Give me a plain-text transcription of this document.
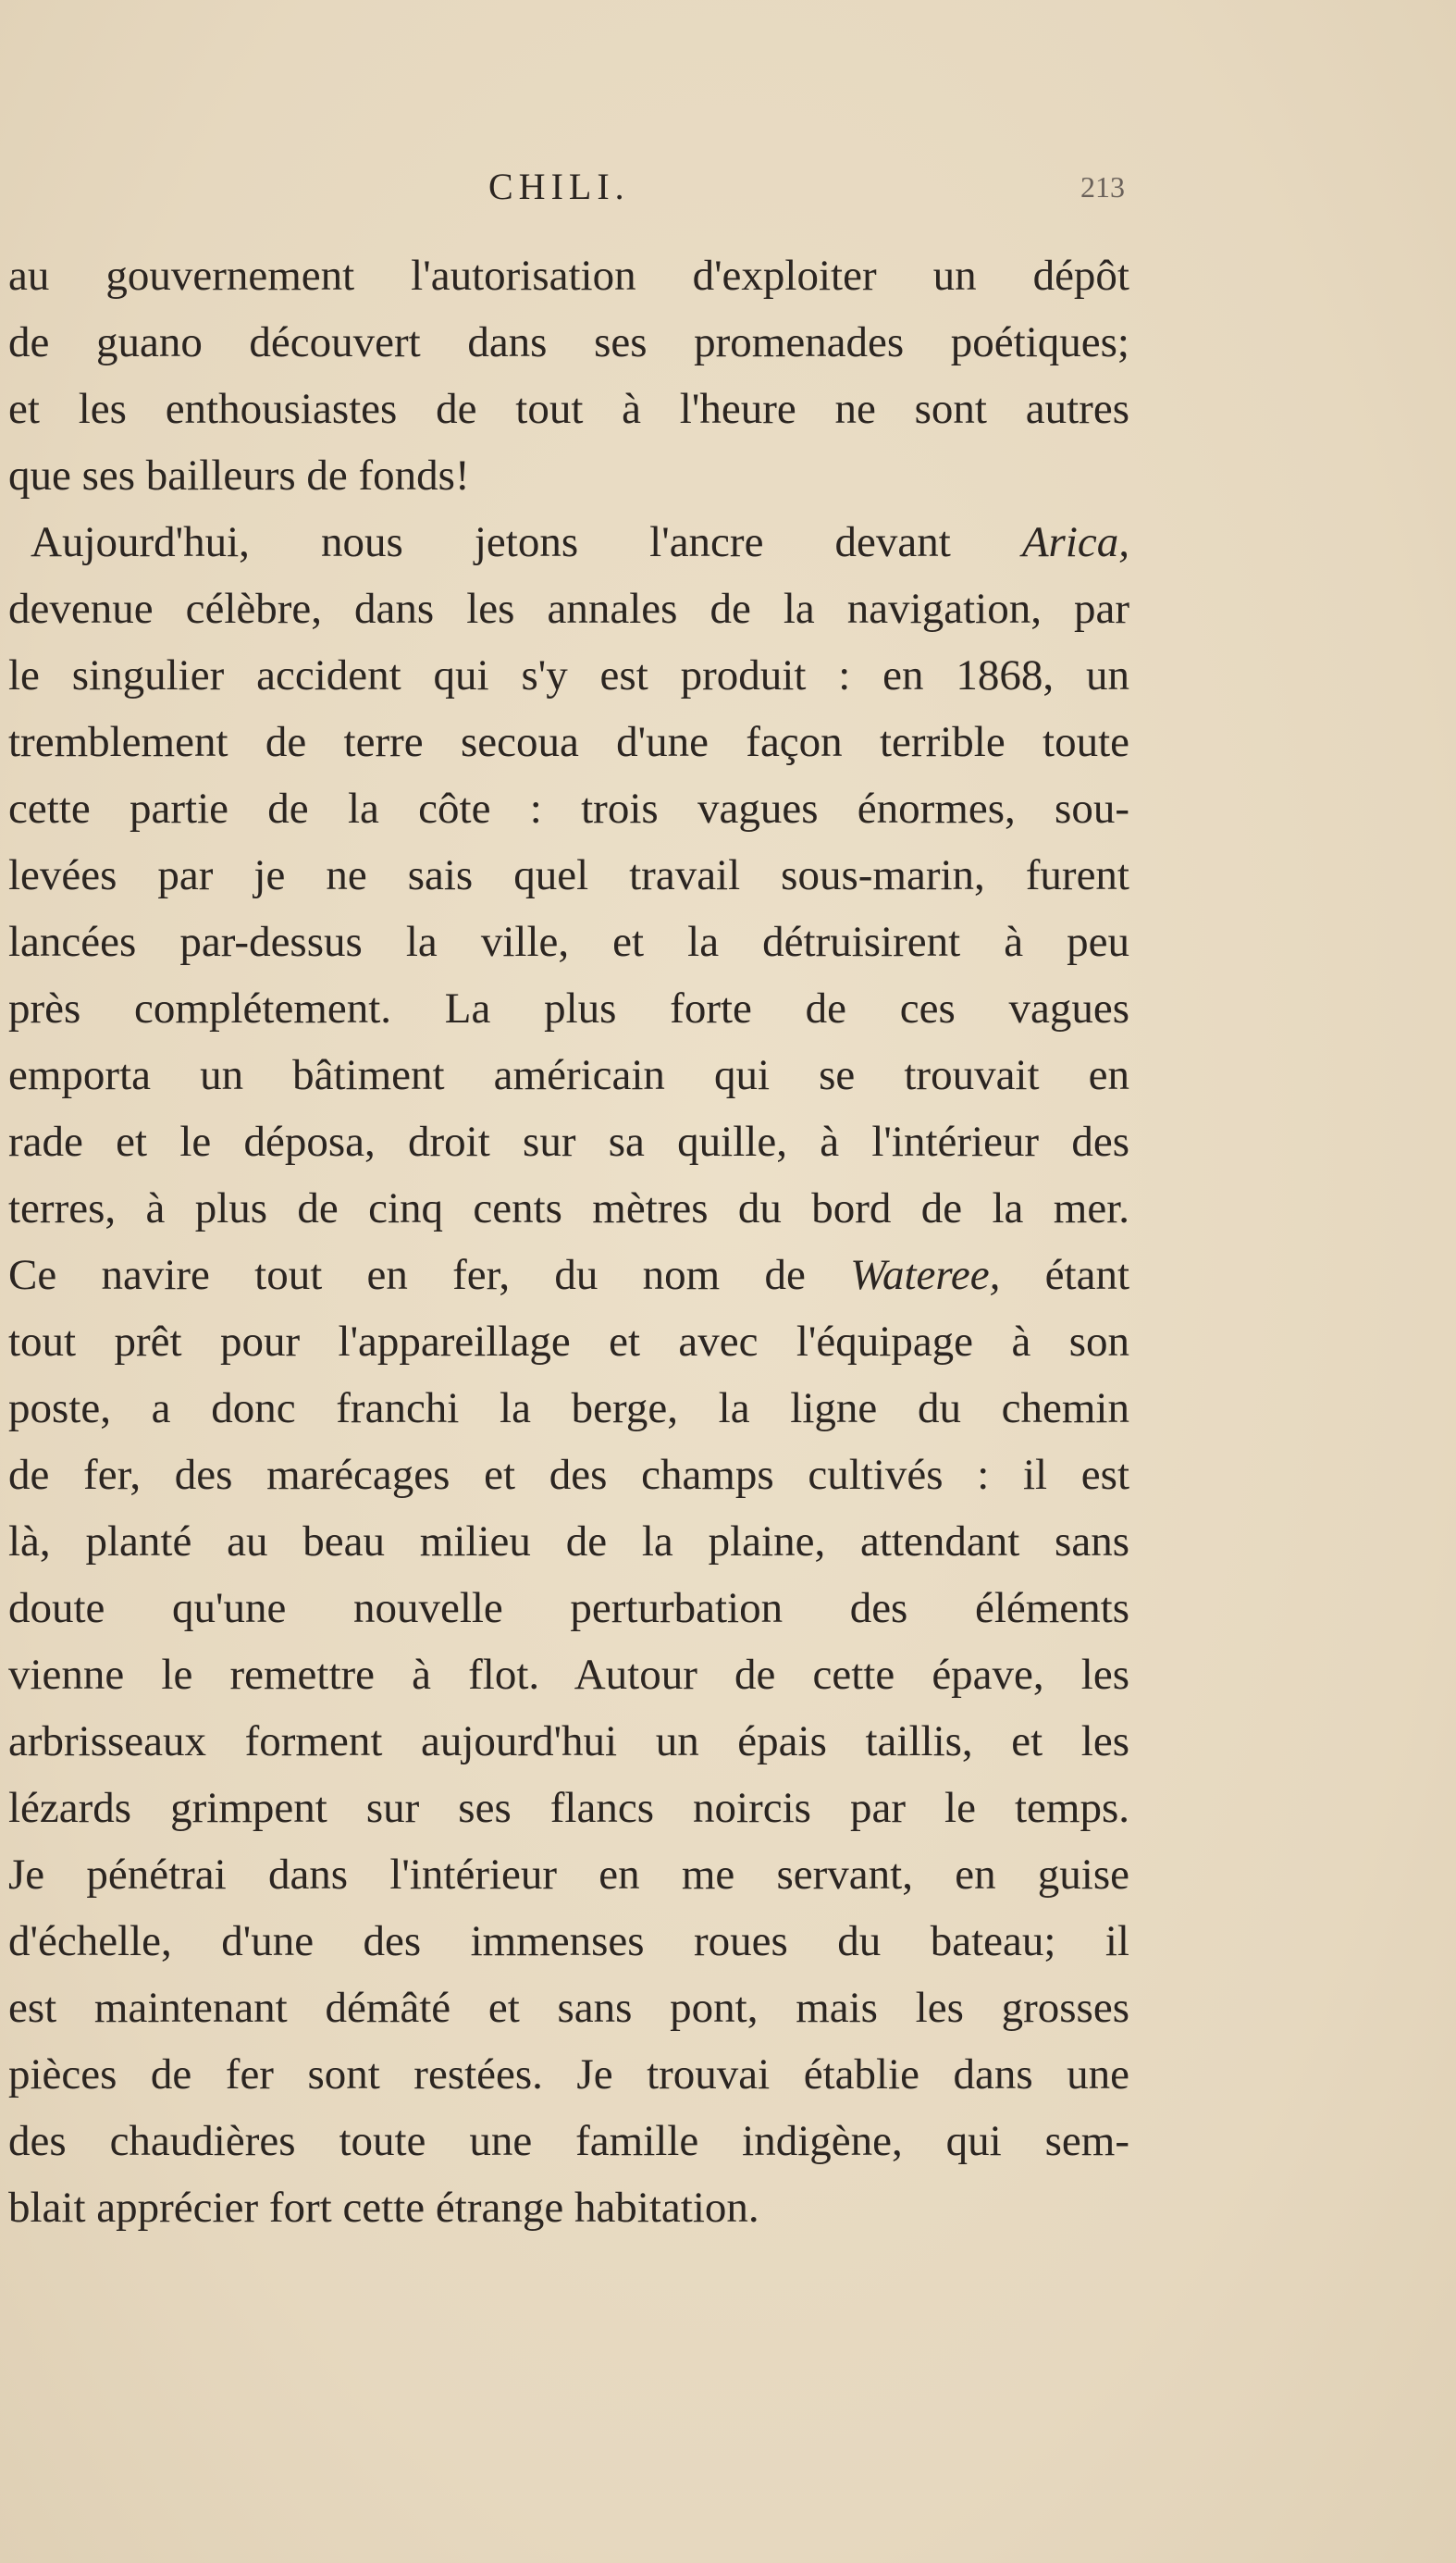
CHILI.	213
au gouvernement l'autorisation d'exploiter un dépôt
de guano découvert dans ses promenades poétiques;
et les enthousiastes de tout à l'heure ne sont autres
que ses bailleurs de fonds!
Aujourd'hui, nous jetons l'ancre devant Arica,
devenue célèbre, dans les annales de la navigation, par
le singulier accident qui s'y est produit : en 1868, un
tremblement de terre secoua d'une façon terrible toute
cette partie de la côte : trois vagues énormes, sou-
levées par je ne sais quel travail sous-marin, furent
lancées par-dessus la ville, et la détruisirent à peu
près complétement. La plus forte de ces vagues
emporta un bâtiment américain qui se trouvait en
rade et le déposa, droit sur sa quille, à l'intérieur des
terres, à plus de cinq cents mètres du bord de la mer.
Ce navire tout en fer, du nom de Wateree, étant
tout prêt pour l'appareillage et avec l'équipage à son
poste, a donc franchi la berge, la ligne du chemin
de fer, des marécages et des champs cultivés : il est
là, planté au beau milieu de la plaine, attendant sans
doute qu'une nouvelle perturbation des éléments
vienne le remettre à flot. Autour de cette épave, les
arbrisseaux forment aujourd'hui un épais taillis, et les
lézards grimpent sur ses flancs noircis par le temps.
Je pénétrai dans l'intérieur en me servant, en guise
d'échelle, d'une des immenses roues du bateau; il
est maintenant démâté et sans pont, mais les grosses
pièces de fer sont restées. Je trouvai établie dans une
des chaudières toute une famille indigène, qui sem-
blait apprécier fort cette étrange habitation.
